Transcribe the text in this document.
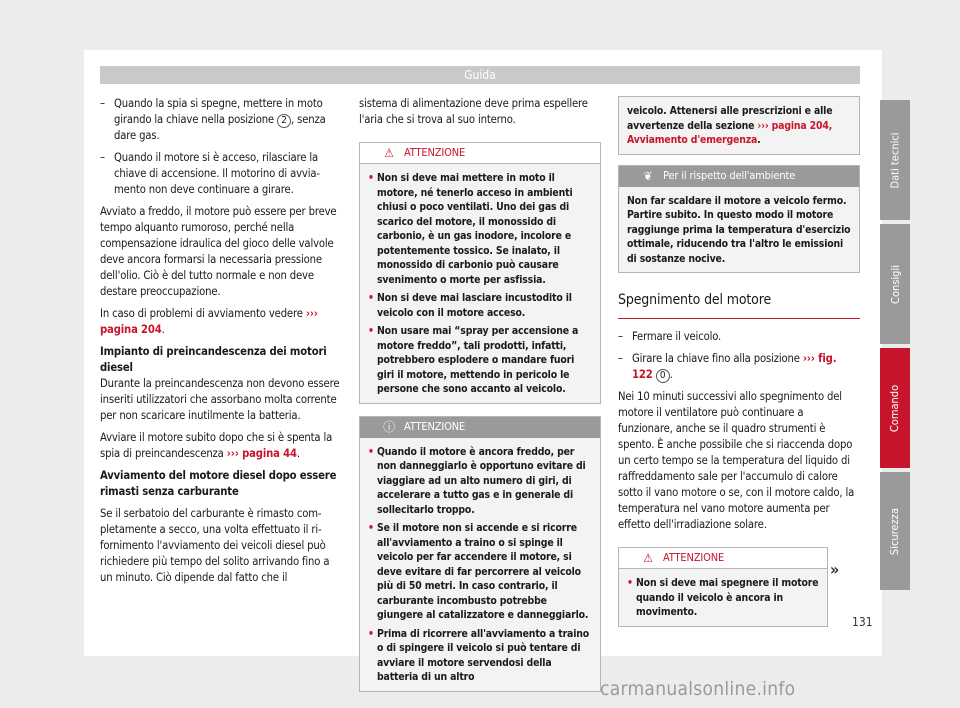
Guida
– Quando la spia si spegne, mettere in moto girando la chiave nella posizione 2 , senza dare gas.
– Quando il motore si è acceso, rilasciare la chiave di accensione. Il motorino di avviamento non deve continuare a girare.

Avviato a freddo, il motore può essere per breve tempo alquanto rumoroso, perché nella compensazione idraulica del gioco delle valvole deve ancora formarsi la necessaria pressione dell'olio. Ciò è del tutto normale e non deve destare preoccupazione.

In caso di problemi di avviamento vedere ››› pagina 204.

Impianto di preincandescenza dei motori diesel

Durante la preincandescenza non devono essere inseriti utilizzatori che assorbano molta corrente per non scaricare inutilmente la batteria.

Avviare il motore subito dopo che si è spenta la spia di preincandescenza ››› pagina 44.

Avviamento del motore diesel dopo essere rimasti senza carburante

Se il serbatoio del carburante è rimasto completamente a secco, una volta effettuato il rifornimento l'avviamento dei veicoli diesel può richiedere più tempo del solito arrivando fino a un minuto. Ciò dipende dal fatto che il

sistema di alimentazione deve prima espellere l'aria che si trova al suo interno.

⚠ ATTENZIONE
• Non si deve mai mettere in moto il motore, né tenerlo acceso in ambienti chiusi o poco ventilati. Uno dei gas di scarico del motore, il monossido di carbonio, è un gas inodore, incolore e potentemente tossico. Se inalato, il monossido di carbonio può causare svenimento o morte per asfissia.
• Non si deve mai lasciare incustodito il veicolo con il motore acceso.
• Non usare mai “spray per accensione a motore freddo”, tali prodotti, infatti, potrebbero esplodere o mandare fuori giri il motore, mettendo in pericolo le persone che sono accanto al veicolo.
ⓘ ATTENZIONE
• Quando il motore è ancora freddo, per non danneggiarlo è opportuno evitare di viaggiare ad un alto numero di giri, di accelerare a tutto gas e in generale di sollecitarlo troppo.
• Se il motore non si accende e si ricorre all'avviamento a traino o si spinge il veicolo per far accendere il motore, si deve evitare di far percorrere al veicolo più di 50 metri. In caso contrario, il carburante incombusto potrebbe giungere al catalizzatore e danneggiarlo.
• Prima di ricorrere all'avviamento a traino o di spingere il veicolo si può tentare di avviare il motore servendosi della batteria di un altro
veicolo. Attenersi alle prescrizioni e alle avvertenze della sezione ››› pagina 204, Avviamento d'emergenza.
❦ Per il rispetto dell'ambiente
Non far scaldare il motore a veicolo fermo. Partire subito. In questo modo il motore raggiunge prima la temperatura d'esercizio ottimale, riducendo tra l'altro le emissioni di sostanze nocive.
Spegnimento del motore
– Fermare il veicolo.
– Girare la chiave fino alla posizione ››› fig. 122 0 .

Nei 10 minuti successivi allo spegnimento del motore il ventilatore può continuare a funzionare, anche se il quadro strumenti è spento. È anche possibile che si riaccenda dopo un certo tempo se la temperatura del liquido di raffreddamento sale per l'accumulo di calore sotto il vano motore o se, con il motore caldo, la temperatura nel vano motore aumenta per effetto dell'irradiazione solare.

⚠ ATTENZIONE
• Non si deve mai spegnere il motore quando il veicolo è ancora in movimento.
»
Dati tecnici
Consigli
Comando
Sicurezza
131
carmanualsonline.info
